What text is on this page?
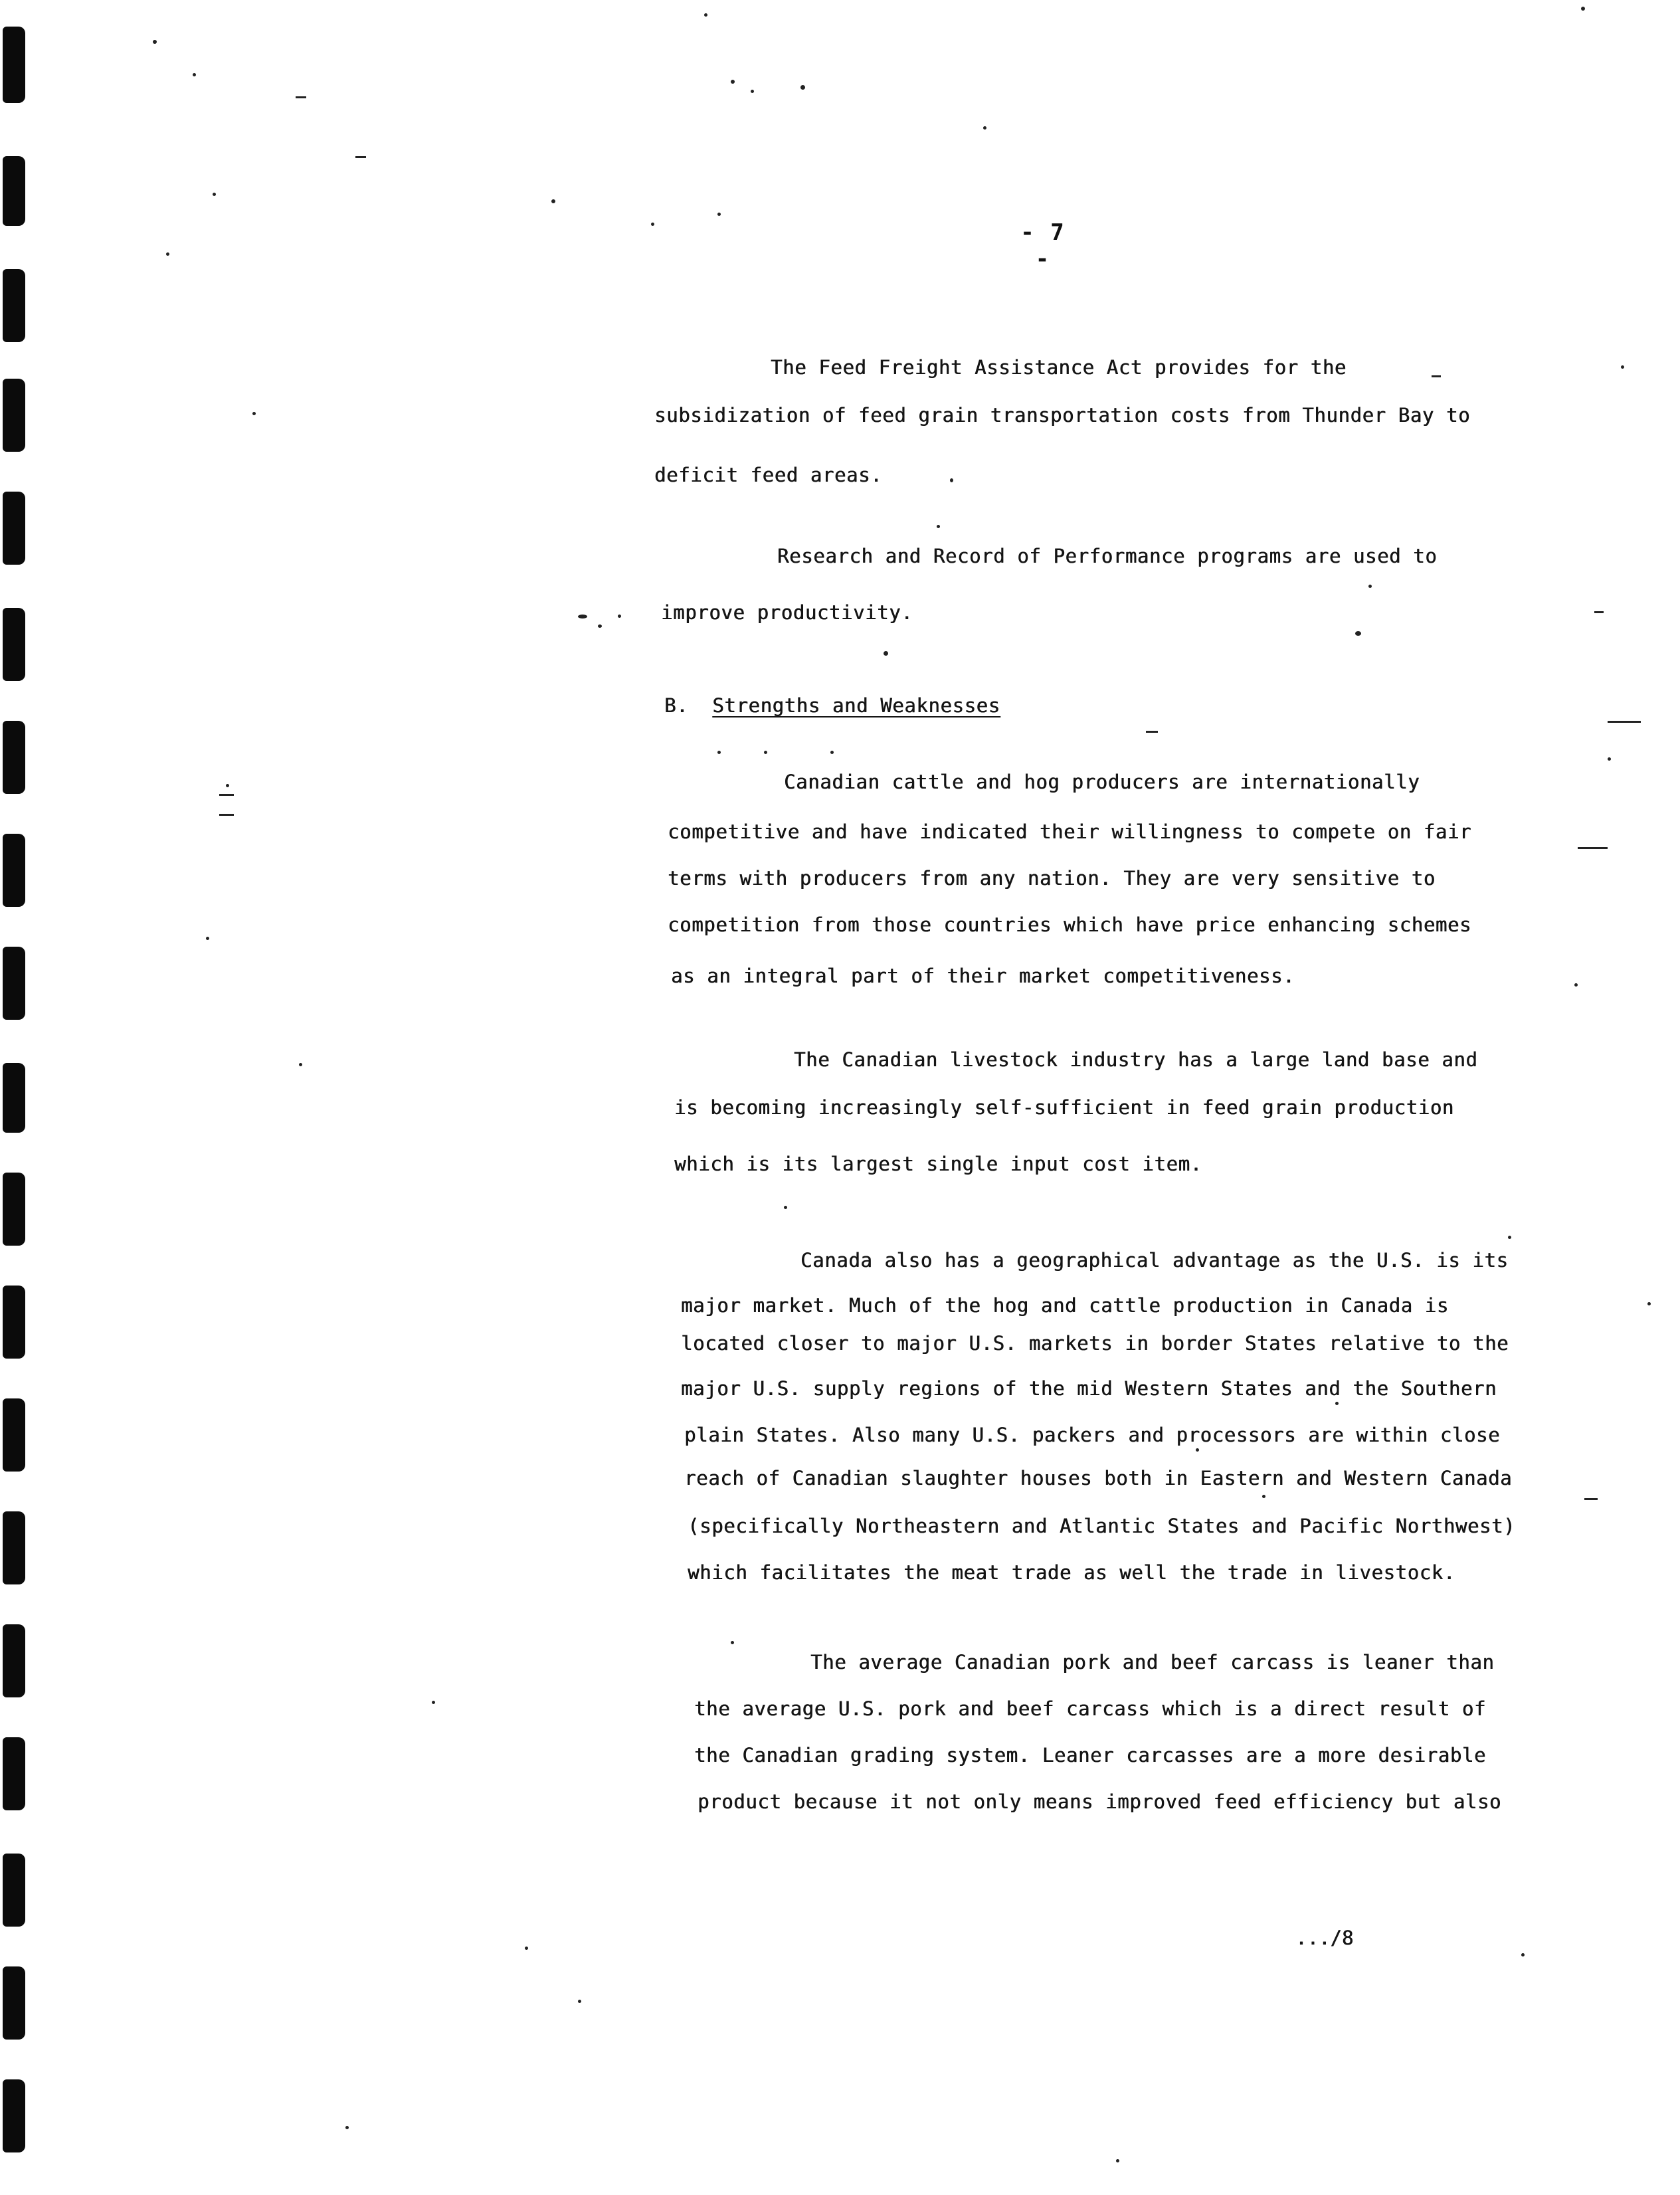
- 7 -
The Feed Freight Assistance Act provides for the
subsidization of feed grain transportation costs from Thunder Bay to
deficit feed areas.
Research and Record of Performance programs are used to
improve productivity.
B. Strengths and Weaknesses
Canadian cattle and hog producers are internationally
competitive and have indicated their willingness to compete on fair
terms with producers from any nation. They are very sensitive to
competition from those countries which have price enhancing schemes
as an integral part of their market competitiveness.
The Canadian livestock industry has a large land base and
is becoming increasingly self-sufficient in feed grain production
which is its largest single input cost item.
Canada also has a geographical advantage as the U.S. is its
major market. Much of the hog and cattle production in Canada is
located closer to major U.S. markets in border States relative to the
major U.S. supply regions of the mid Western States and the Southern
plain States. Also many U.S. packers and processors are within close
reach of Canadian slaughter houses both in Eastern and Western Canada
(specifically Northeastern and Atlantic States and Pacific Northwest)
which facilitates the meat trade as well the trade in livestock.
The average Canadian pork and beef carcass is leaner than
the average U.S. pork and beef carcass which is a direct result of
the Canadian grading system. Leaner carcasses are a more desirable
product because it not only means improved feed efficiency but also
.../8
